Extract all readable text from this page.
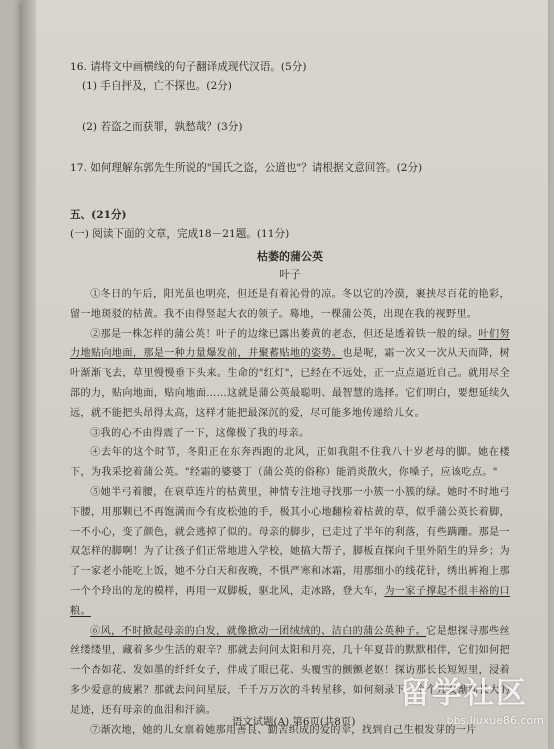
16. 请将文中画横线的句子翻译成现代汉语。(5分)

(1) 手自抨及，亡不探也。(2分)

(2) 若盗之而获罪，孰愁哉？(3分)

17. 如何理解东郭先生所说的"国氏之盗，公道也"？请根据文意回答。(2分)

五、(21分)

(一) 阅读下面的文章，完成18－21题。(11分)

枯萎的蒲公英

叶子

①冬日的午后，阳光虽也明亮，但还是有着沁骨的凉。冬以它的冷漠，裹挟尽百花的艳彩，留一地斑驳的枯黄。我不由得竖起大衣的领子。蓦地，一棵蒲公英，出现在我的视野里。

②那是一株怎样的蒲公英！叶子的边缘已露出萎黄的老态，但还是透着铁一般的绿。叶们努力地贴向地面，那是一种力量爆发前，并聚蓄贴地的姿势。也是呢，霜一次又一次从天而降，树叶渐渐飞去，草里慢慢垂下头来。生命的"红灯"，已经在不远处，正一点点逼近自己。就用尽全部的力，贴向地面，贴向地面……这就是蒲公英最聪明、最智慧的选择。它们明白，要想延续久远，就不能把头昂得太高，这样才能把最深沉的爱，尽可能多地传递给儿女。

③我的心不由得震了一下，这像极了我的母亲。

④去年的这个时节，冬阳正在东奔西跑的北风，正如我阻不住我八十岁老母的脚。她在楼下，为我采挖着蒲公英。"经霜的婆婆丁（蒲公英的俗称）能消炎散火，你嗓子，应该吃点。"

⑤她半弓着腰，在衰草连片的枯黄里，神情专注地寻找那一小簇一小簇的绿。她时不时地弓下腰，用那颗已不再饱满而今有皮松弛的手，极其小心地翻检着枯黄的草，似乎蒲公英长着脚，一不小心，变了颜色，就会逃掉了似的。母亲的脚步，已走过了半年的利落，有些蹒跚。那是一双怎样的脚啊！为了让孩子们正常地进入学校，她搞大帮子，脚板直探向千里外陌生的异乡；为了一家老小能吃上饭，她不分白天和夜晚，不惧严寒和冰霜，用那细小的线花针，绣出裤袍上那一个个玲出的龙的模样，再用一双脚板，驱北风，走冰路，登大车，为一家子撑起不很丰裕的口粮。

⑥风，不时掀起母亲的白发，就像掀动一团绒绒的、洁白的蒲公英种子。它是想探寻那些丝丝缕缕里，藏着多少生活的艰辛？那就去问问太阳和月亮，几十年夏昔的默默相伴，它们如何把一个杏如花、发如墨的纤纤女子，伴成了眼已花、头覆雪的颤颤老妪！探访那长长短短里，浸着多少爱意的疲累？那就去问问星辰，千千万万次的斗转星移，如何刻录下一个个儿女渐渐长大的足迹，还有母亲的血泪和汗滴。

⑦渐次地，她的儿女禀着她那用善良、勤苦织成的爱的伞，找到自己生根发芽的一片

语文试题(A) 第6页(共8页)
留学社区
bbs.liuxue86.com
